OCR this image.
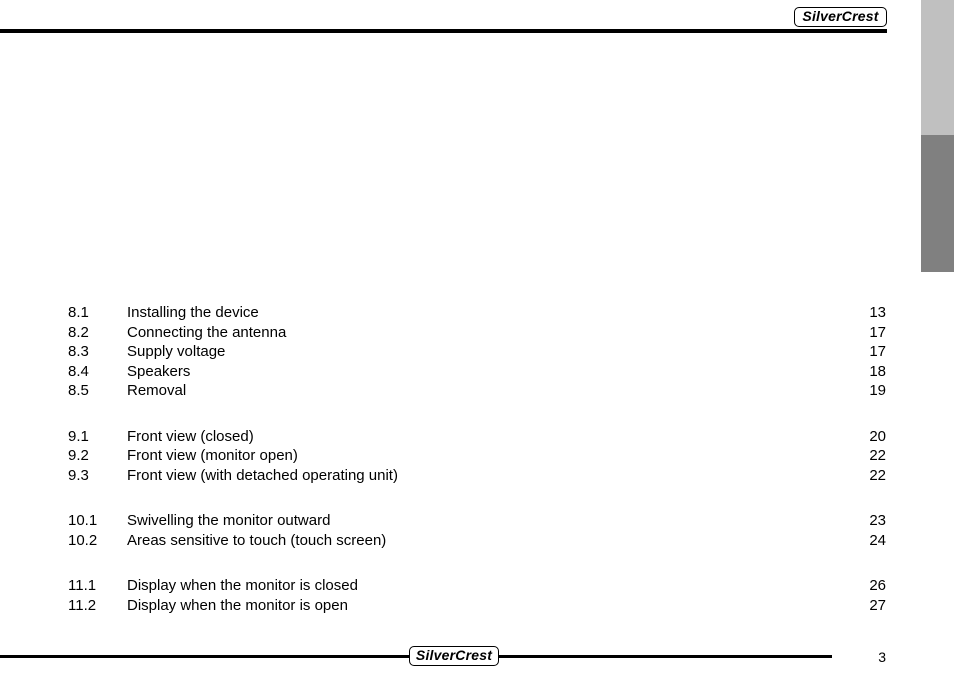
SilverCrest
8.1	Installing the device	13
8.2	Connecting the antenna	17
8.3	Supply voltage	17
8.4	Speakers	18
8.5	Removal	19
9.1	Front view (closed)	20
9.2	Front view (monitor open)	22
9.3	Front view (with detached operating unit)	22
10.1 Swivelling the monitor outward	23
10.2 Areas sensitive to touch (touch screen)	24
11.1 Display when the monitor is closed	26
11.2 Display when the monitor is open	27
SilverCrest	3
